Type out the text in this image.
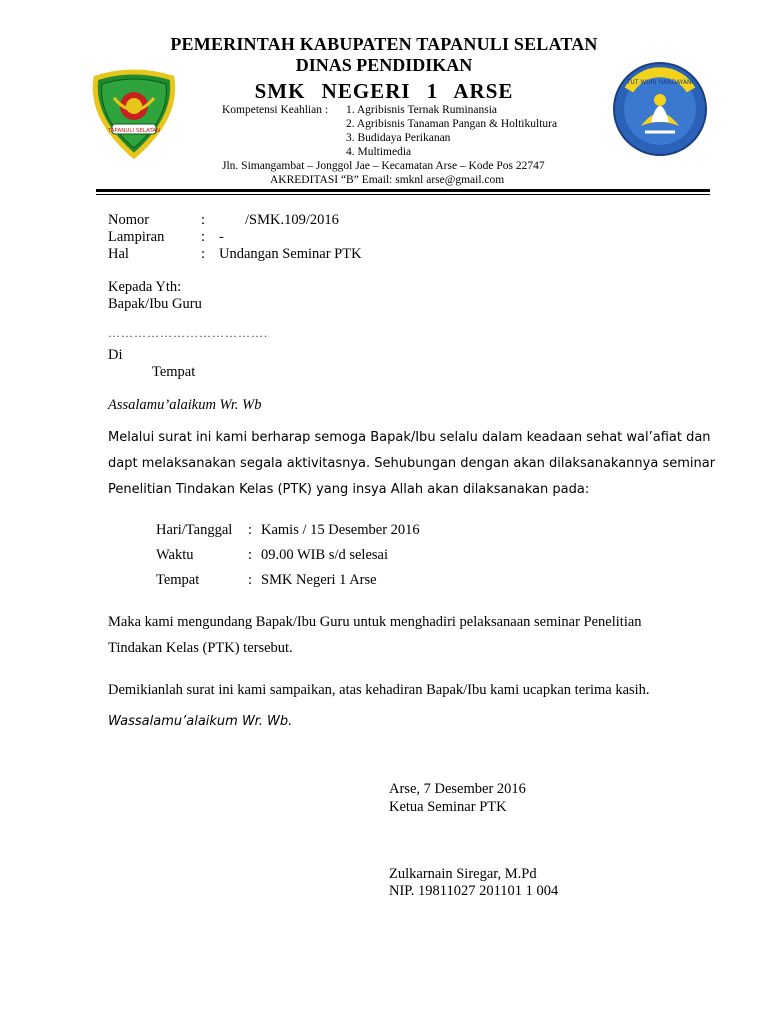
TAPANULI SELATAN
TUT WURI HANDAYANI
PEMERINTAH KABUPATEN TAPANULI SELATAN
DINAS PENDIDIKAN
SMK NEGERI 1 ARSE
Kompetensi Keahlian : 1. Agribisnis Ternak Ruminansia
2. Agribisnis Tanaman Pangan & Holtikultura
3. Budidaya Perikanan
4. Multimedia
Jln. Simangambat – Jonggol Jae – Kecamatan Arse – Kode Pos 22747
AKREDITASI “B” Email: smknl arse@gmail.com
Nomor	:	/SMK.109/2016
Lampiran	: -
Hal	: Undangan Seminar PTK
Kepada Yth:
Bapak/Ibu Guru
……………………………….
Di
Tempat
Assalamu’alaikum Wr. Wb
Melalui surat ini kami berharap semoga Bapak/Ibu selalu dalam keadaan sehat wal’afiat dan
dapt melaksanakan segala aktivitasnya. Sehubungan dengan akan dilaksanakannya seminar
Penelitian Tindakan Kelas (PTK) yang insya Allah akan dilaksanakan pada:
Hari/Tanggal : Kamis / 15 Desember 2016
Waktu	: 09.00 WIB s/d selesai
Tempat	: SMK Negeri 1 Arse
Maka kami mengundang Bapak/Ibu Guru untuk menghadiri pelaksanaan seminar Penelitian
Tindakan Kelas (PTK) tersebut.
Demikianlah surat ini kami sampaikan, atas kehadiran Bapak/Ibu kami ucapkan terima kasih.
Wassalamu’alaikum Wr. Wb.
Arse, 7 Desember 2016
Ketua Seminar PTK
Zulkarnain Siregar, M.Pd
NIP. 19811027 201101 1 004
